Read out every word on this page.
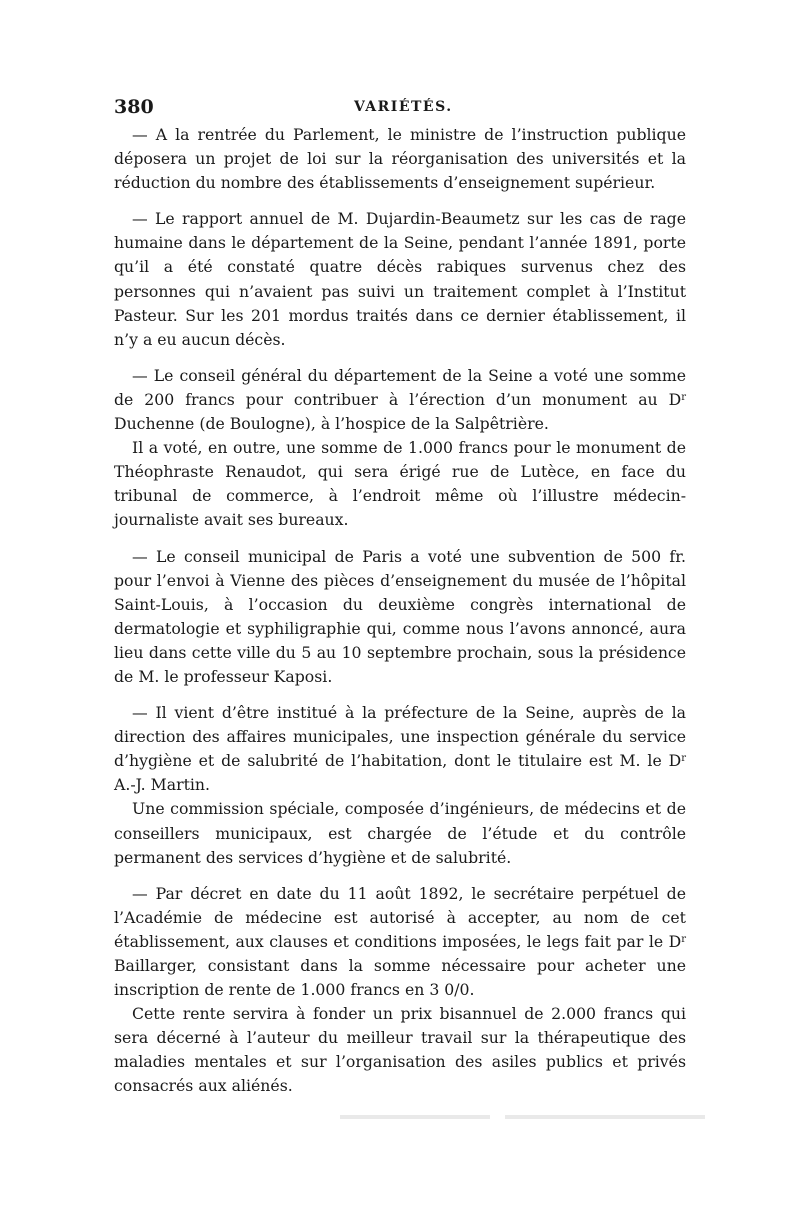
380	VARIÉTÉS.

— A la rentrée du Parlement, le ministre de l’instruction publique déposera un projet de loi sur la réorganisation des universités et la réduction du nombre des établissements d’enseignement supérieur.

— Le rapport annuel de M. Dujardin-Beaumetz sur les cas de rage humaine dans le département de la Seine, pendant l’année 1891, porte qu’il a été constaté quatre décès rabiques survenus chez des personnes qui n’avaient pas suivi un traitement complet à l’Institut Pasteur. Sur les 201 mordus traités dans ce dernier établissement, il n’y a eu aucun décès.

— Le conseil général du département de la Seine a voté une somme de 200 francs pour contribuer à l’érection d’un monument au $D^r$ Duchenne (de Boulogne), à l’hospice de la Salpêtrière.

Il a voté, en outre, une somme de 1.000 francs pour le monument de Théophraste Renaudot, qui sera érigé rue de Lutèce, en face du tribunal de commerce, à l’endroit même où l’illustre médecin-journaliste avait ses bureaux.

— Le conseil municipal de Paris a voté une subvention de 500 fr. pour l’envoi à Vienne des pièces d’enseignement du musée de l’hôpital Saint-Louis, à l’occasion du deuxième congrès international de dermatologie et syphiligraphie qui, comme nous l’avons annoncé, aura lieu dans cette ville du 5 au 10 septembre prochain, sous la présidence de M. le professeur Kaposi.

— Il vient d’être institué à la préfecture de la Seine, auprès de la direction des affaires municipales, une inspection générale du service d’hygiène et de salubrité de l’habitation, dont le titulaire est M. le $D^r$ A.-J. Martin.

Une commission spéciale, composée d’ingénieurs, de médecins et de conseillers municipaux, est chargée de l’étude et du contrôle permanent des services d’hygiène et de salubrité.

— Par décret en date du 11 août 1892, le secrétaire perpétuel de l’Académie de médecine est autorisé à accepter, au nom de cet établissement, aux clauses et conditions imposées, le legs fait par le $D^r$ Baillarger, consistant dans la somme nécessaire pour acheter une inscription de rente de 1.000 francs en 3 0/0.

Cette rente servira à fonder un prix bisannuel de 2.000 francs qui sera décerné à l’auteur du meilleur travail sur la thérapeutique des maladies mentales et sur l’organisation des asiles publics et privés consacrés aux aliénés.
